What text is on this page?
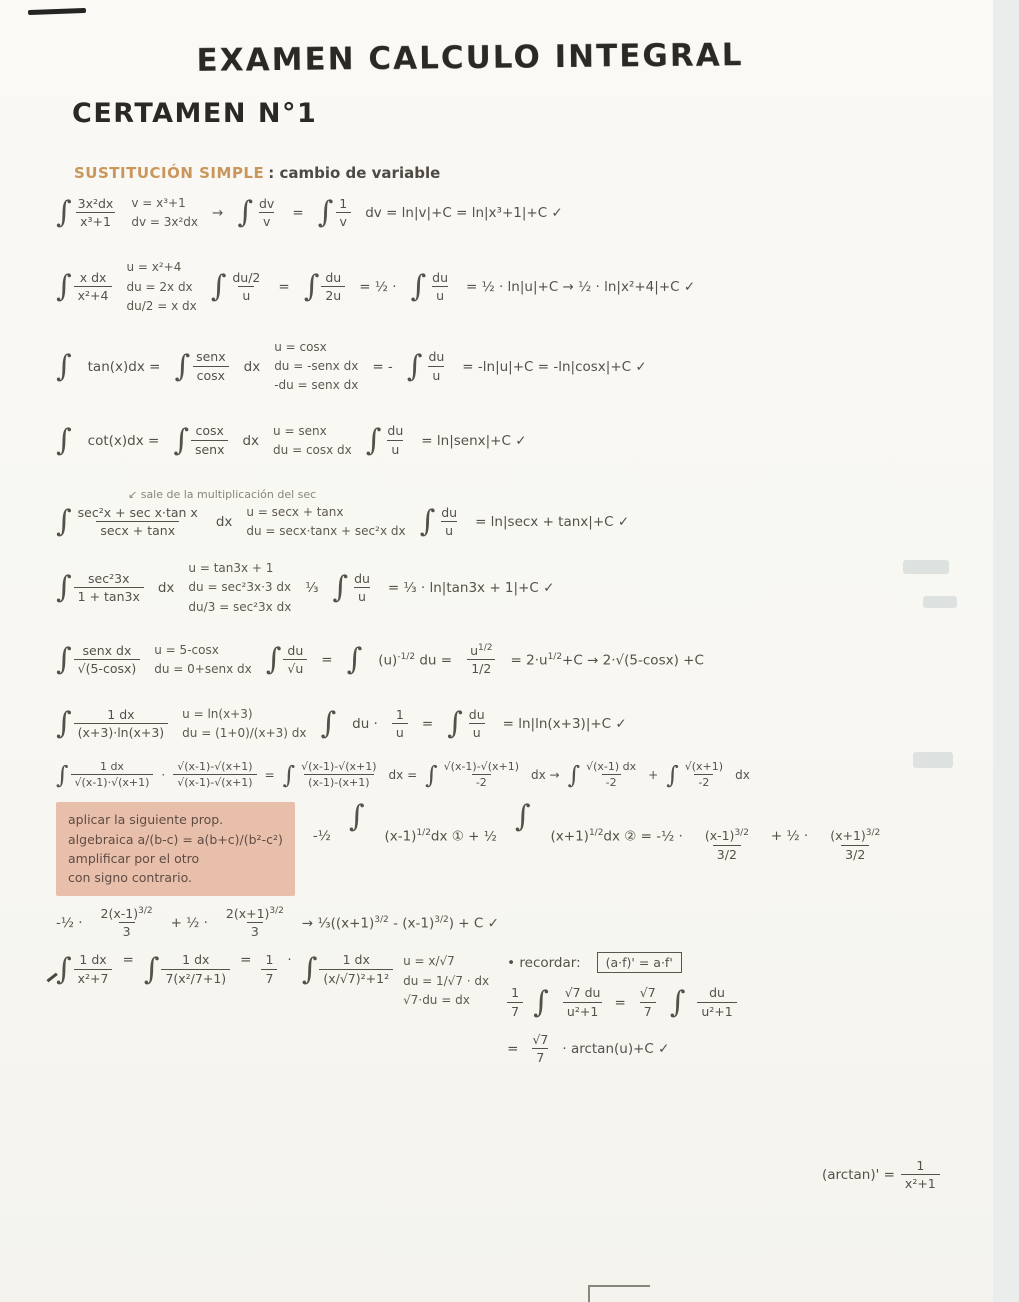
EXAMEN CALCULO INTEGRAL
CERTAMEN N°1
SUSTITUCIÓN SIMPLE : cambio de variable
∫ $\frac{\text{3x²dx}}{\text{x³+1}}$ v = x³+1
dv = 3x²dx
→ ∫ $\frac{dv}{v}$ = ∫ $\frac{1}{v}$ dv = ln|v|+C = ln|x³+1|+C ✓
∫ $\frac{\text{x dx}}{\text{x²+4}}$
u = x²+4
du = 2x dx
du/2 = x dx
∫ $\frac{du/2}{u}$ = ∫ $\frac{du}{2u}$ = ½ · ∫ $\frac{du}{u}$ = ½ · ln|u|+C → ½ · ln|x²+4|+C ✓
∫ tan(x)dx = ∫ $\frac{\text{senx}}{\cos x}$ dx
u = cosx
du = -senx dx
-du = senx dx
= - ∫ $\frac{du}{u} = -\ln|u|+C = -\ln|\cos x|+C$ ✓
∫ cot(x)dx = ∫ $\frac{\cos x}{\text{senx}}$ dx
u = senx
du = cosx dx ∫ $\frac{du}{u}$ = ln|senx|+C ✓
↙ sale de la multiplicación del sec
∫ $\frac{\text{sec²x + sec x·tan x}}{\sec x + \tan x}$ dx
u = secx + tanx
du = secx·tanx + sec²x dx ∫ $\frac{du}{u} = \ln|\sec x + \tan x|+C$ ✓
∫ $\frac{\text{sec²3x}}{1 + \tan 3x}$ dx
u = tan3x + 1
du = sec²3x·3 dx
du/3 = sec²3x dx
⅓ ∫ $\frac{du}{u}$ = ⅓ · ln|tan3x + 1|+C ✓
∫ $\frac{\text{senx dx}}{√(5-\cos x)}$ u = 5-cosx
du = 0+senx dx ∫ $\frac{du}{√u}$ = ∫ $(u)^{-1/2}$ du = $\frac{u^{1/2}}{1/2} = 2\cdot u^{1/2}+C \to 2\cdot√(5-\cos x) +C$
∫ $\frac{1 dx}{(x+3)\cdot\ln(x+3)}$ u = ln(x+3)
du = (1+0)/(x+3) dx ∫ du · $\frac{1}{u}$ = ∫ $\frac{du}{u} = \ln|\ln(x+3)|+C$ ✓
∫ $\frac{1 dx}{√(x-1)\cdot√(x+1)} \cdot \frac{√(x-1)-√(x+1)}{√(x-1)-√(x+1)}$ = ∫ $\frac{√(x-1)-√(x+1)}{(x-1)-(x+1)}$ dx = ∫ $\frac{√(x-1)-√(x+1)}{-2}$ dx → ∫ $\frac{√(x-1) dx}{-2}$ + ∫ $\frac{√(x+1)}{-2}$ dx
aplicar la siguiente prop.
algebraica a/(b-c) = a(b+c)/(b²-c²)
amplificar por el otro
con signo contrario.
-½
∫
$(x-1)^{1/2}dx$ ① + ½
∫
$(x+1)^{1/2}dx$ ② = -½ · $\frac{(x-1)^{3/2}}{3/2}$ + ½ · $\frac{(x+1)^{3/2}}{3/2}$
-½ · $\frac{2(x-1)^{3/2}}{3}$ + ½ · $\frac{2(x+1)^{3/2}}{3}$ → $\frac{1}{3}((x+1)^{3/2} - (x-1)^{3/2}) + C$ ✓
∫ $\frac{1 dx}{\text{x²+7}}$ = ∫ $\frac{1 dx}{\text{7(x²/7+1)}} = \frac{1}{7}$ · ∫ $\frac{1 dx}{\text{(x/√7)²+1²}}$ u = x/√7
du = 1/√7 · dx
√7·du = dx
• recordar:	(a·f)' = a·f'
$\frac{1}{7}$ ∫ $\frac{√7 du}{\text{u²+1}} = \frac{√7}{7}$ ∫ $\frac{du}{\text{u²+1}}$
= $\frac{√7}{7} \cdot \arctan(u)+C$ ✓
$(\arctan)' = \frac{1}{\text{x²+1}}$
